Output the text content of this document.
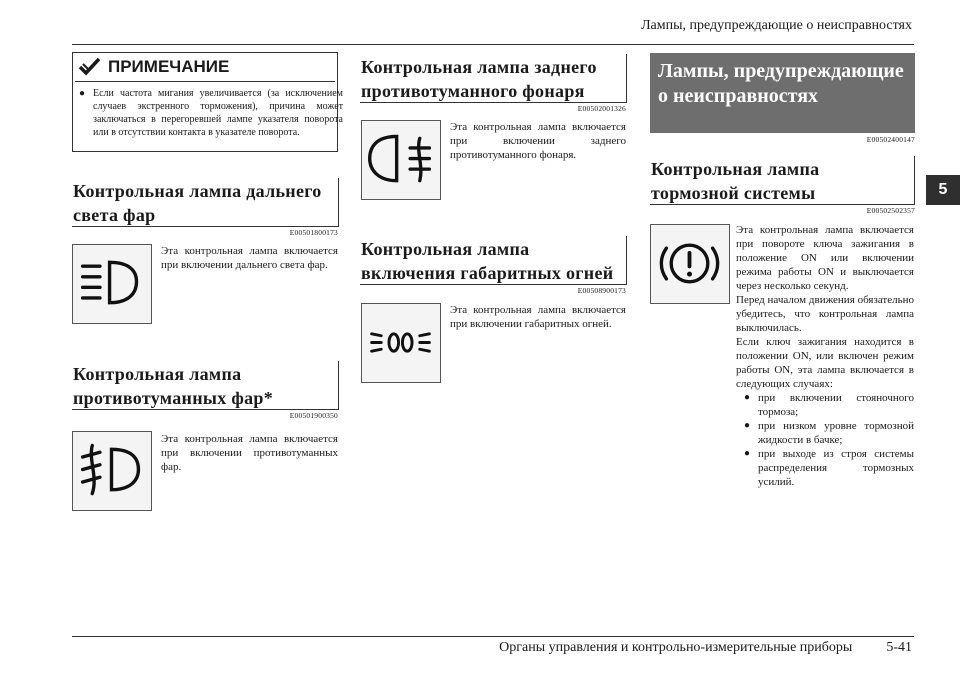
Лампы, предупреждающие о неисправностях
5
ПРИМЕЧАНИЕ
● Если частота мигания увеличивается (за исключением случаев экстренного торможения), причина может заключаться в перегоревшей лампе указателя поворота или в отсутствии контакта в указателе поворота.
Контрольная лампа дальнего света фар
E00501800173
Эта контрольная лампа включается при включении дальнего света фар.
Контрольная лампа противотуманных фар*
E00501900350
Эта контрольная лампа включается при включении противотуманных фар.
Контрольная лампа заднего противотуманного фонаря
E00502001326
Эта контрольная лампа включается при включении заднего противотуманного фонаря.
Контрольная лампа включения габаритных огней
E00508900173
Эта контрольная лампа включается при включении габаритных огней.
Лампы, предупреждающие о неисправностях
E00502400147
Контрольная лампа тормозной системы
E00502502357
Эта контрольная лампа включается при повороте ключа зажигания в положение ON или включении режима работы ON и выключается через несколько секунд.
Перед началом движения обязательно убедитесь, что контрольная лампа выключилась.
Если ключ зажигания находится в положении ON, или включен режим работы ON, эта лампа включается в следующих случаях:
● при включении стояночного тормоза;
● при низком уровне тормозной жидкости в бачке;
● при выходе из строя системы распределения тормозных усилий.
Органы управления и контрольно-измерительные приборы 5-41
